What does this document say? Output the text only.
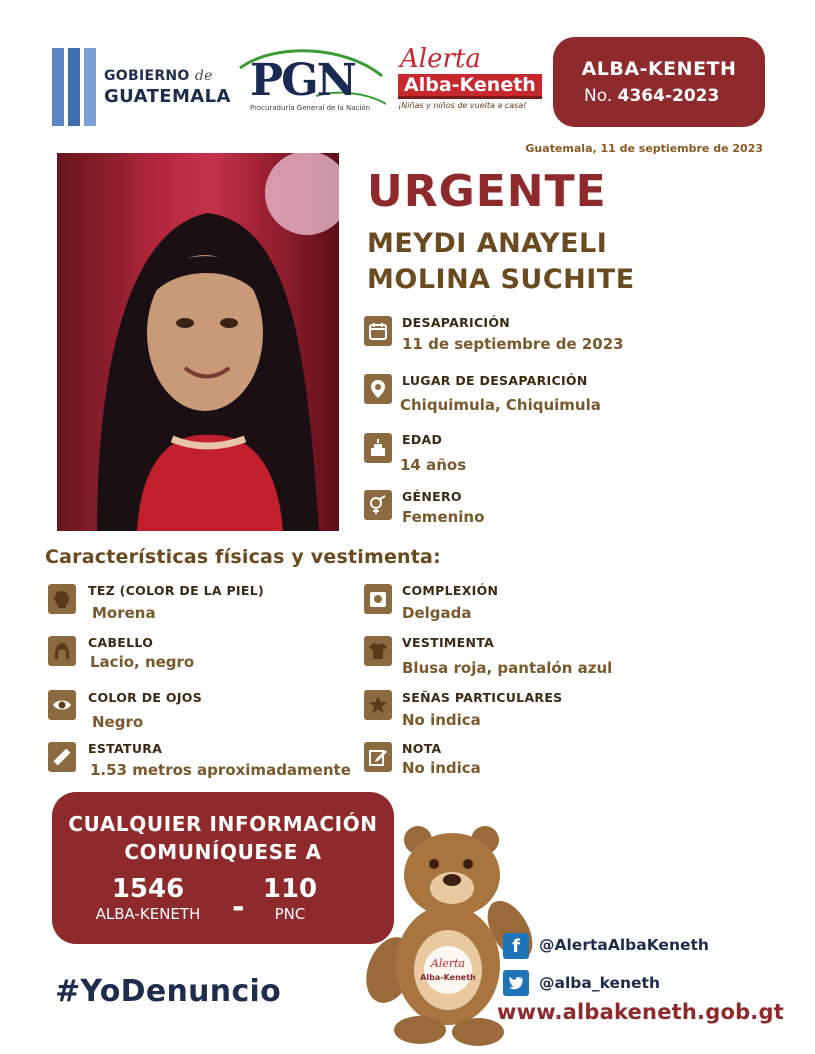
GOBIERNO de
GUATEMALA PGN
Procuraduría General de la Nación
Alerta
Alba-Keneth
¡Niñas y niños de vuelta a casa!
ALBA-KENETH
No. 4364-2023
Guatemala, 11 de septiembre de 2023
URGENTE
MEYDI ANAYELI
MOLINA SUCHITE
DESAPARICIÓN
11 de septiembre de 2023
LUGAR DE DESAPARICIÓN
Chiquimula, Chiquimula
EDAD
14 años
GÉNERO
Femenino
Características físicas y vestimenta:
TEZ (COLOR DE LA PIEL)
Morena
CABELLO
Lacio, negro
COLOR DE OJOS
Negro
ESTATURA
1.53 metros aproximadamente
COMPLEXIÓN
Delgada
VESTIMENTA
Blusa roja, pantalón azul
SEÑAS PARTICULARES
No indica
NOTA
No indica
CUALQUIER INFORMACIÓN
COMUNÍQUESE A
1546
ALBA-KENETH	-
110
PNC
Alerta
Alba-Keneth
#YoDenuncio
f	@AlertaAlbaKeneth
@alba_keneth
www.albakeneth.gob.gt
